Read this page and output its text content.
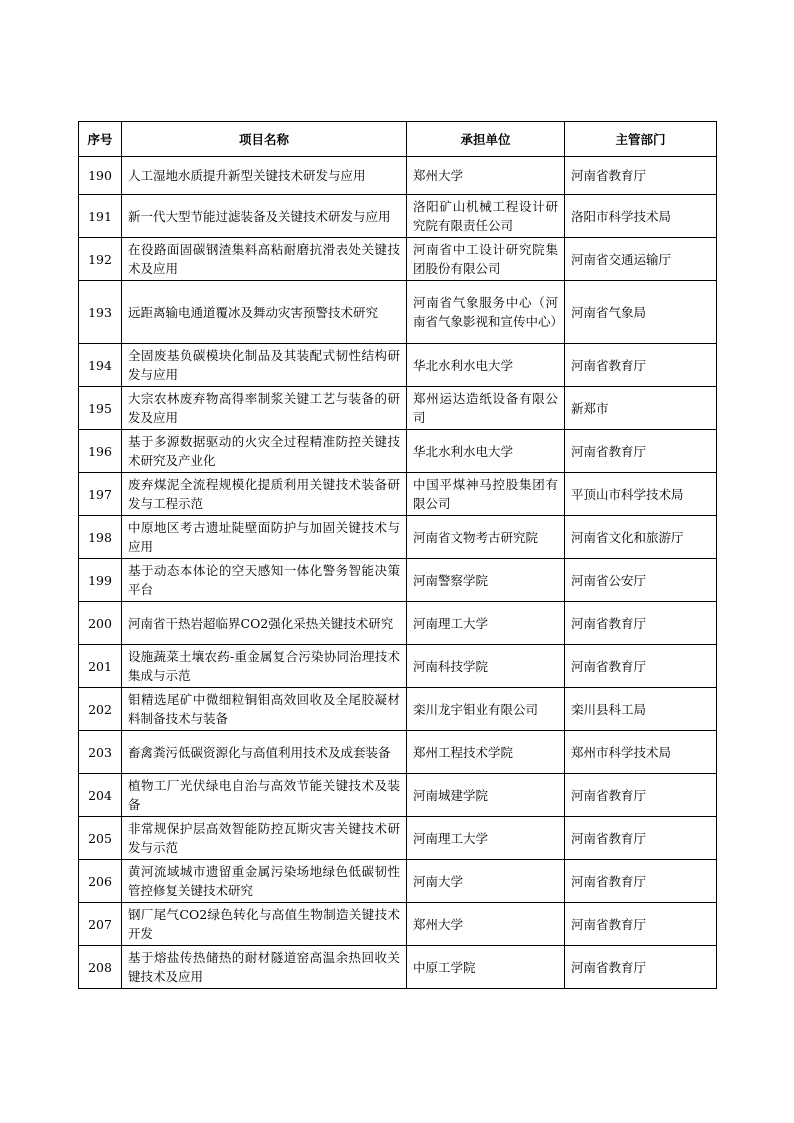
序号	项目名称	承担单位	主管部门
190	人工湿地水质提升新型关键技术研发与应用	郑州大学	河南省教育厅
191	新一代大型节能过滤装备及关键技术研发与应用	洛阳矿山机械工程设计研究院有限责任公司	洛阳市科学技术局
192	在役路面固碳钢渣集料高粘耐磨抗滑表处关键技术及应用	河南省中工设计研究院集团股份有限公司	河南省交通运输厅
193	远距离输电通道覆冰及舞动灾害预警技术研究	河南省气象服务中心（河南省气象影视和宣传中心）	河南省气象局
194	全固废基负碳模块化制品及其装配式韧性结构研发与应用	华北水利水电大学	河南省教育厅
195	大宗农林废弃物高得率制浆关键工艺与装备的研发及应用	郑州运达造纸设备有限公司	新郑市
196	基于多源数据驱动的火灾全过程精准防控关键技术研究及产业化	华北水利水电大学	河南省教育厅
197	废弃煤泥全流程规模化提质利用关键技术装备研发与工程示范	中国平煤神马控股集团有限公司	平顶山市科学技术局
198	中原地区考古遗址陡壁面防护与加固关键技术与应用	河南省文物考古研究院	河南省文化和旅游厅
199	基于动态本体论的空天感知一体化警务智能决策平台	河南警察学院	河南省公安厅
200	河南省干热岩超临界CO2强化采热关键技术研究	河南理工大学	河南省教育厅
201	设施蔬菜土壤农药-重金属复合污染协同治理技术集成与示范	河南科技学院	河南省教育厅
202	钼精选尾矿中微细粒铜钼高效回收及全尾胶凝材料制备技术与装备	栾川龙宇钼业有限公司	栾川县科工局
203	畜禽粪污低碳资源化与高值利用技术及成套装备	郑州工程技术学院	郑州市科学技术局
204	植物工厂光伏绿电自治与高效节能关键技术及装备	河南城建学院	河南省教育厅
205	非常规保护层高效智能防控瓦斯灾害关键技术研发与示范	河南理工大学	河南省教育厅
206	黄河流域城市遗留重金属污染场地绿色低碳韧性管控修复关键技术研究	河南大学	河南省教育厅
207	钢厂尾气CO2绿色转化与高值生物制造关键技术开发	郑州大学	河南省教育厅
208	基于熔盐传热储热的耐材隧道窑高温余热回收关键技术及应用	中原工学院	河南省教育厅
